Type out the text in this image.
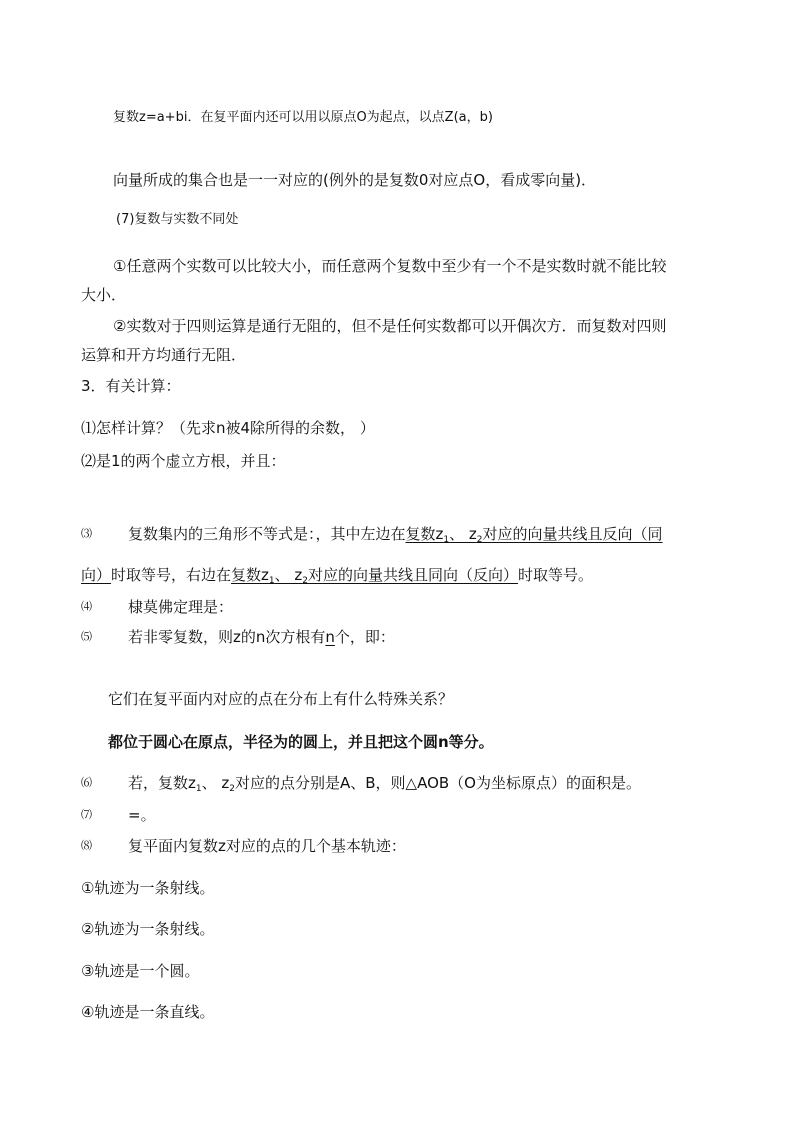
复数z=a+bi．在复平面内还可以用以原点O为起点，以点Z(a，b)
向量所成的集合也是一一对应的(例外的是复数0对应点O，看成零向量)．
(7)复数与实数不同处
①任意两个实数可以比较大小，而任意两个复数中至少有一个不是实数时就不能比较
大小．
②实数对于四则运算是通行无阻的，但不是任何实数都可以开偶次方．而复数对四则
运算和开方均通行无阻．
3．有关计算：
⑴怎样计算？（先求n被4除所得的余数， ）
⑵是1的两个虚立方根，并且：
⑶ 复数集内的三角形不等式是：，其中左边在复数$z_1$、 $z_2$对应的向量共线且反向（同
向）时取等号，右边在复数$z_1$、 $z_2$对应的向量共线且同向（反向）时取等号。
⑷ 棣莫佛定理是：
⑸ 若非零复数，则z的n次方根有n个，即：
它们在复平面内对应的点在分布上有什么特殊关系？
都位于圆心在原点，半径为的圆上，并且把这个圆n等分。
⑹ 若，复数$z_1$、 $z_2$对应的点分别是A、B，则△AOB（O为坐标原点）的面积是。
⑺ =。
⑻ 复平面内复数z对应的点的几个基本轨迹：
①轨迹为一条射线。
②轨迹为一条射线。
③轨迹是一个圆。
④轨迹是一条直线。
